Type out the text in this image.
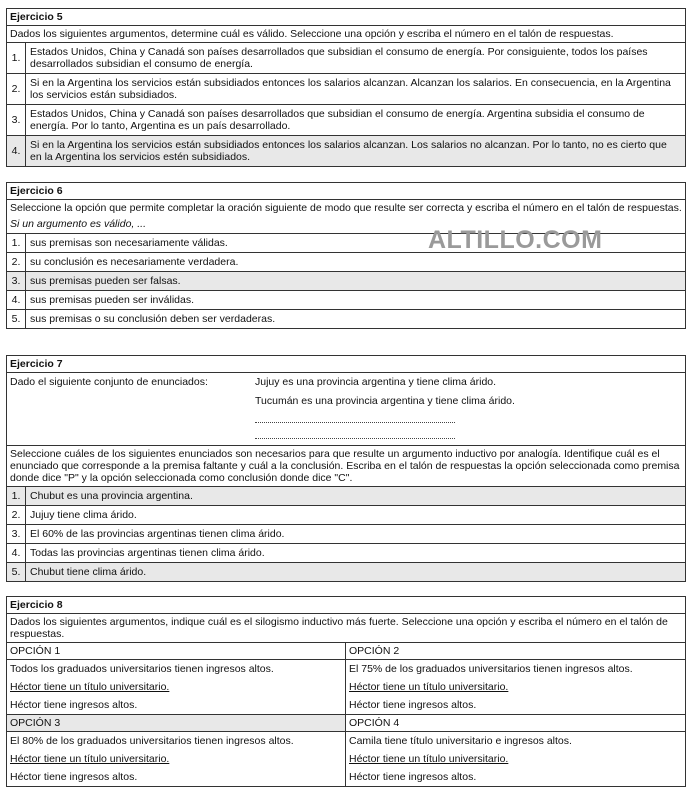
Ejercicio 5
Dados los siguientes argumentos, determine cuál es válido. Seleccione una opción y escriba el número en el talón de respuestas.
1. Estados Unidos, China y Canadá son países desarrollados que subsidian el consumo de energía. Por consiguiente, todos los países desarrollados subsidian el consumo de energía.
2. Si en la Argentina los servicios están subsidiados entonces los salarios alcanzan. Alcanzan los salarios. En consecuencia, en la Argentina los servicios están subsidiados.
3. Estados Unidos, China y Canadá son países desarrollados que subsidian el consumo de energía. Argentina subsidia el consumo de energía. Por lo tanto, Argentina es un país desarrollado.
4. Si en la Argentina los servicios están subsidiados entonces los salarios alcanzan. Los salarios no alcanzan. Por lo tanto, no es cierto que en la Argentina los servicios estén subsidiados.
Ejercicio 6
Seleccione la opción que permite completar la oración siguiente de modo que resulte ser correcta y escriba el número en el talón de respuestas.
Si un argumento es válido, ...
1. sus premisas son necesariamente válidas.
2. su conclusión es necesariamente verdadera.
3. sus premisas pueden ser falsas.
4. sus premisas pueden ser inválidas.
5. sus premisas o su conclusión deben ser verdaderas.
ALTILLO.COM
Ejercicio 7
Dado el siguiente conjunto de enunciados:	Jujuy es una provincia argentina y tiene clima árido.
Tucumán es una provincia argentina y tiene clima árido.
Seleccione cuáles de los siguientes enunciados son necesarios para que resulte un argumento inductivo por analogía. Identifique cuál es el enunciado que corresponde a la premisa faltante y cuál a la conclusión. Escriba en el talón de respuestas la opción seleccionada como premisa donde dice "P" y la opción seleccionada como conclusión donde dice "C".
1. Chubut es una provincia argentina.
2. Jujuy tiene clima árido.
3. El 60% de las provincias argentinas tienen clima árido.
4. Todas las provincias argentinas tienen clima árido.
5. Chubut tiene clima árido.
Ejercicio 8
Dados los siguientes argumentos, indique cuál es el silogismo inductivo más fuerte. Seleccione una opción y escriba el número en el talón de respuestas.
OPCIÓN 1
Todos los graduados universitarios tienen ingresos altos.
Héctor tiene un título universitario.
Héctor tiene ingresos altos.
OPCIÓN 2
El 75% de los graduados universitarios tienen ingresos altos.
Héctor tiene un título universitario.
Héctor tiene ingresos altos.
OPCIÓN 3
El 80% de los graduados universitarios tienen ingresos altos.
Héctor tiene un título universitario.
Héctor tiene ingresos altos.
OPCIÓN 4
Camila tiene título universitario e ingresos altos.
Héctor tiene un título universitario.
Héctor tiene ingresos altos.
